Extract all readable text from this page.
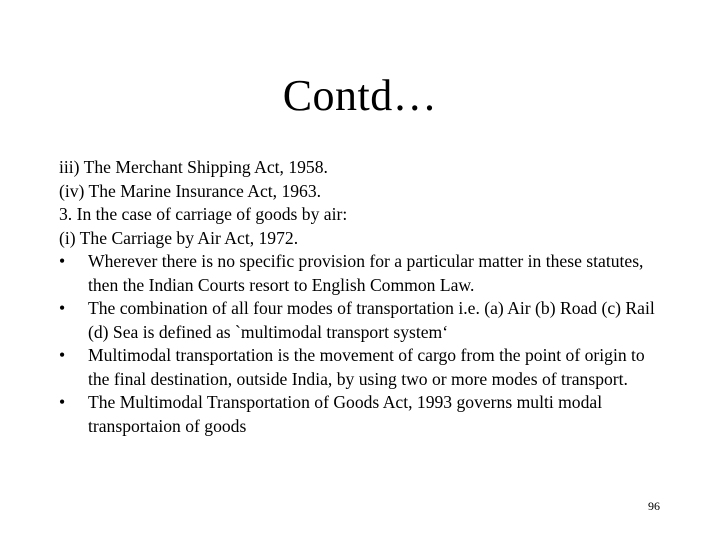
Contd…
iii) The Merchant Shipping Act, 1958.
(iv) The Marine Insurance Act, 1963.
3. In the case of carriage of goods by air:
(i) The Carriage by Air Act, 1972.
•	Wherever there is no specific provision for a particular matter in these statutes, then the Indian Courts resort to English Common Law.
•	The combination of all four modes of transportation i.e. (a) Air (b) Road (c) Rail (d) Sea is defined as `multimodal transport system‘
•	Multimodal transportation is the movement of cargo from the point of origin to the final destination, outside India, by using two or more modes of transport.
•	The Multimodal Transportation of Goods Act, 1993 governs multi modal transportaion of goods
96
